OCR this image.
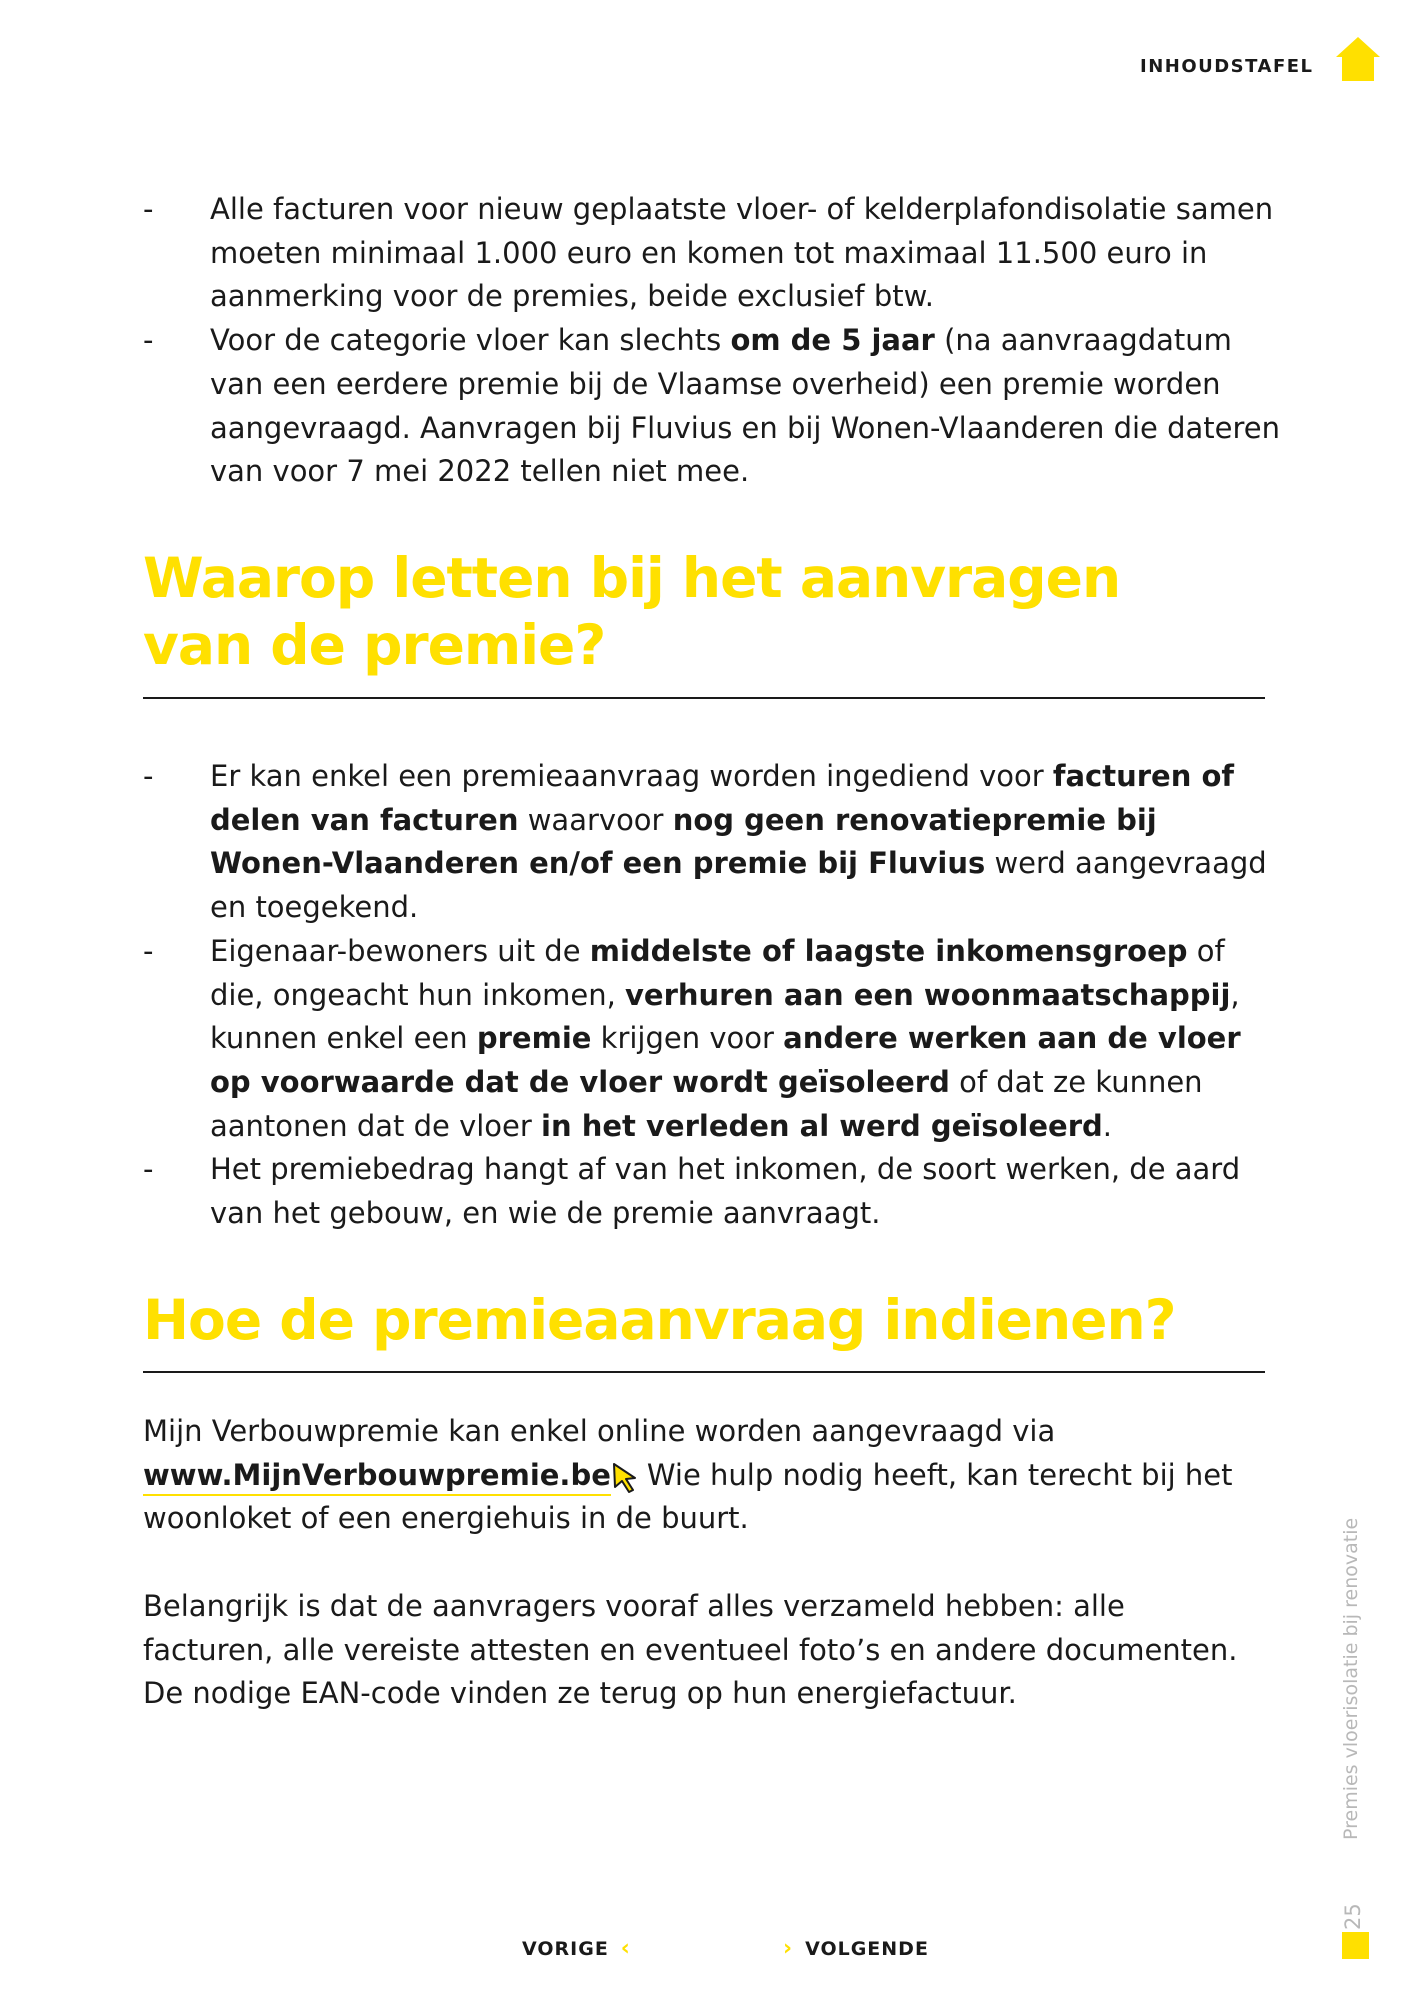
INHOUDSTAFEL
- Alle facturen voor nieuw geplaatste vloer- of kelderplafondisolatie samen moeten minimaal 1.000 euro en komen tot maximaal 11.500 euro in aanmerking voor de premies, beide exclusief btw.
- Voor de categorie vloer kan slechts om de 5 jaar (na aanvraagdatum van een eerdere premie bij de Vlaamse overheid) een premie worden aangevraagd. Aanvragen bij Fluvius en bij Wonen-Vlaanderen die dateren van voor 7 mei 2022 tellen niet mee.
Waarop letten bij het aanvragen
van de premie?
- Er kan enkel een premieaanvraag worden ingediend voor facturen of delen van facturen waarvoor nog geen renovatiepremie bij Wonen-Vlaanderen en/of een premie bij Fluvius werd aangevraagd en toegekend.
- Eigenaar-bewoners uit de middelste of laagste inkomensgroep of die, ongeacht hun inkomen, verhuren aan een woonmaatschappij, kunnen enkel een premie krijgen voor andere werken aan de vloer op voorwaarde dat de vloer wordt geïsoleerd of dat ze kunnen aantonen dat de vloer in het verleden al werd geïsoleerd.
- Het premiebedrag hangt af van het inkomen, de soort werken, de aard van het gebouw, en wie de premie aanvraagt.
Hoe de premieaanvraag indienen?

Mijn Verbouwpremie kan enkel online worden aangevraagd via
www.MijnVerbouwpremie.be Wie hulp nodig heeft, kan terecht bij het woonloket of een energiehuis in de buurt.

Belangrijk is dat de aanvragers vooraf alles verzameld hebben: alle facturen, alle vereiste attesten en eventueel foto’s en andere documenten. De nodige EAN-code vinden ze terug op hun energiefactuur.	Premies vloerisolatie bij renovatie
25
VORIGE ‹	› VOLGENDE
